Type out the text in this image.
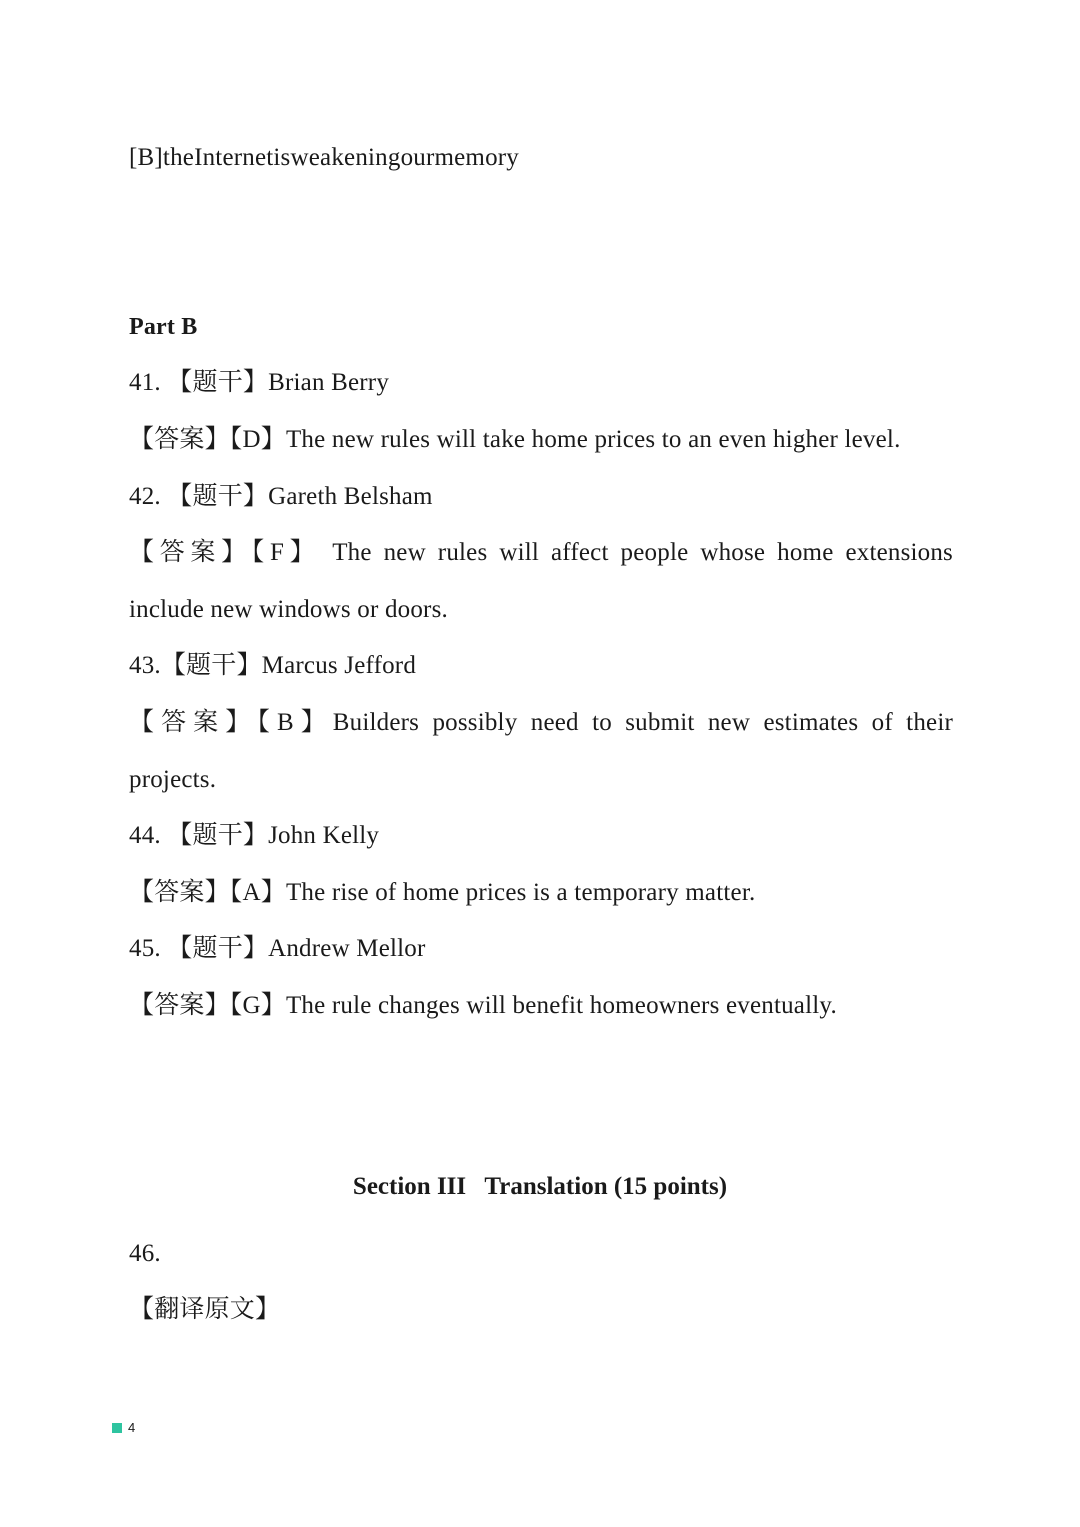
[B]theInternetisweakeningourmemory
Part B
41. 【题干】Brian Berry
【答案】【D】The new rules will take home prices to an even higher level.
42. 【题干】Gareth Belsham
【答案】【F】 The new rules will affect people whose home extensions
include new windows or doors.
43.【题干】Marcus Jefford
【答案】【B】Builders possibly need to submit new estimates of their
projects.
44. 【题干】John Kelly
【答案】【A】The rise of home prices is a temporary matter.
45. 【题干】Andrew Mellor
【答案】【G】The rule changes will benefit homeowners eventually.
Section III   Translation (15 points)
46.
【翻译原文】
4
